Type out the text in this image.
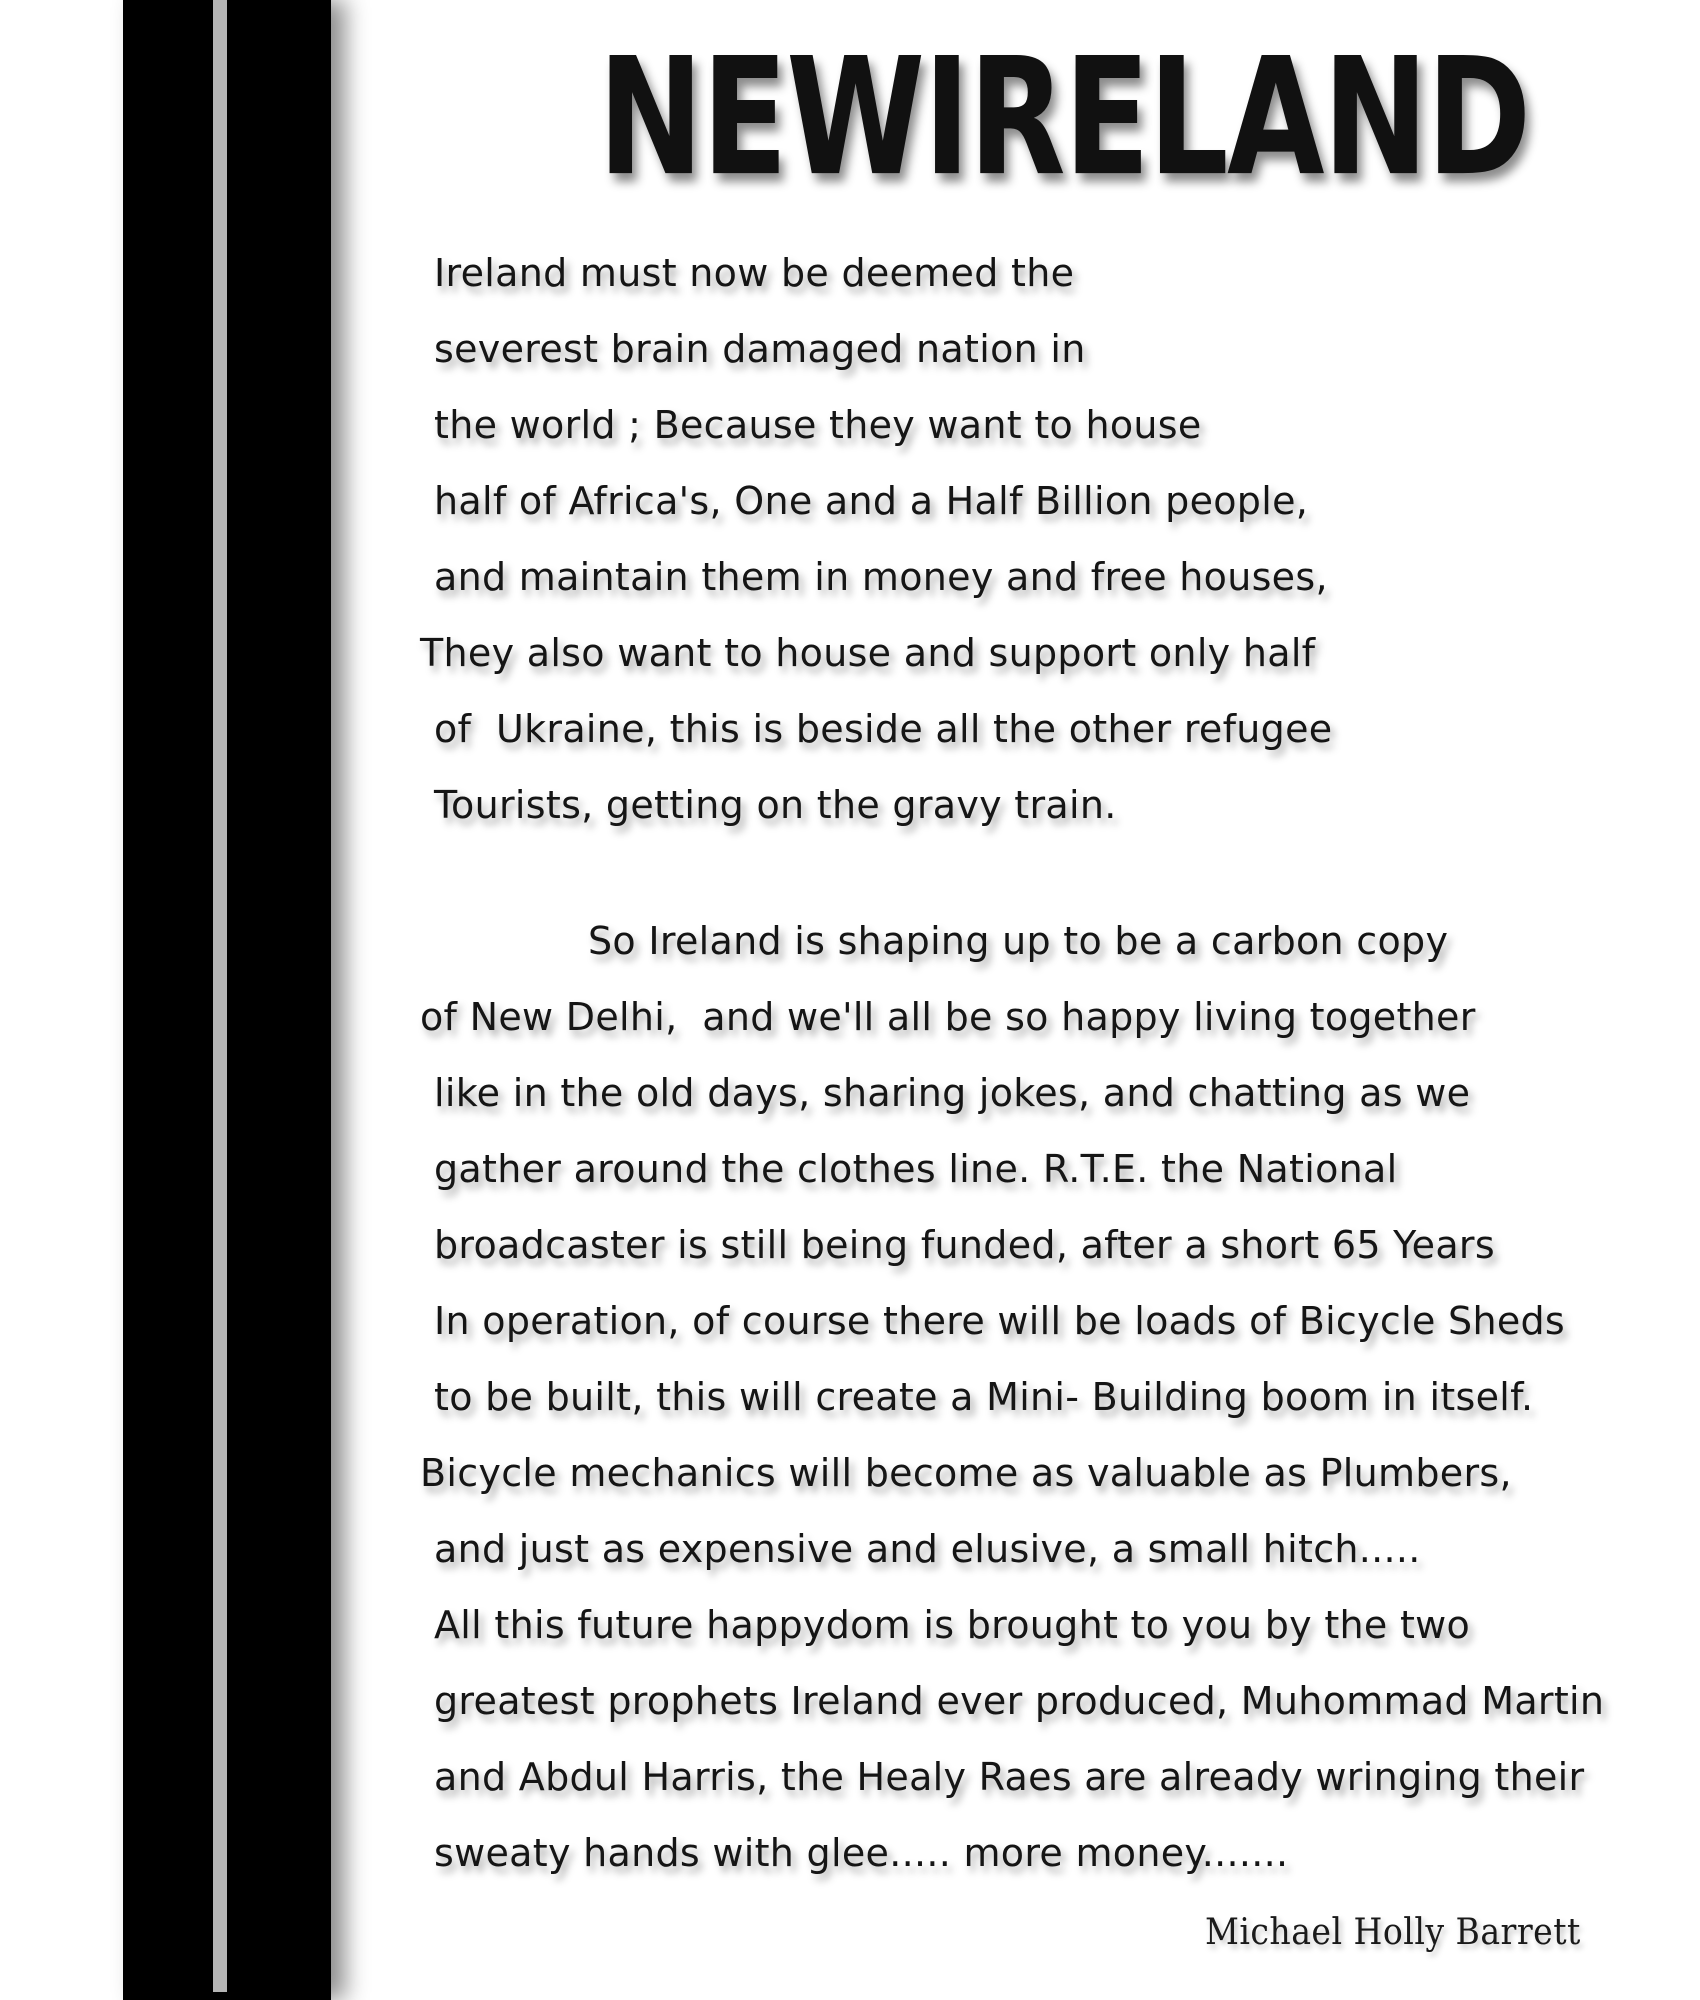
NEW IRELAND
Ireland must now be deemed the
severest brain damaged nation in
the world ; Because they want to house
half of Africa's, One and a Half Billion people,
and maintain them in money and free houses,
They also want to house and support only half
of  Ukraine, this is beside all the other refugee
Tourists, getting on the gravy train.
So Ireland is shaping up to be a carbon copy
of New Delhi,  and we'll all be so happy living together
like in the old days, sharing jokes, and chatting as we
gather around the clothes line. R.T.E. the National
broadcaster is still being funded, after a short 65 Years
In operation, of course there will be loads of Bicycle Sheds
to be built, this will create a Mini- Building boom in itself.
Bicycle mechanics will become as valuable as Plumbers,
and just as expensive and elusive, a small hitch.....
All this future happydom is brought to you by the two
greatest prophets Ireland ever produced, Muhommad Martin
and Abdul Harris, the Healy Raes are already wringing their
sweaty hands with glee..... more money.......
Michael Holly Barrett
